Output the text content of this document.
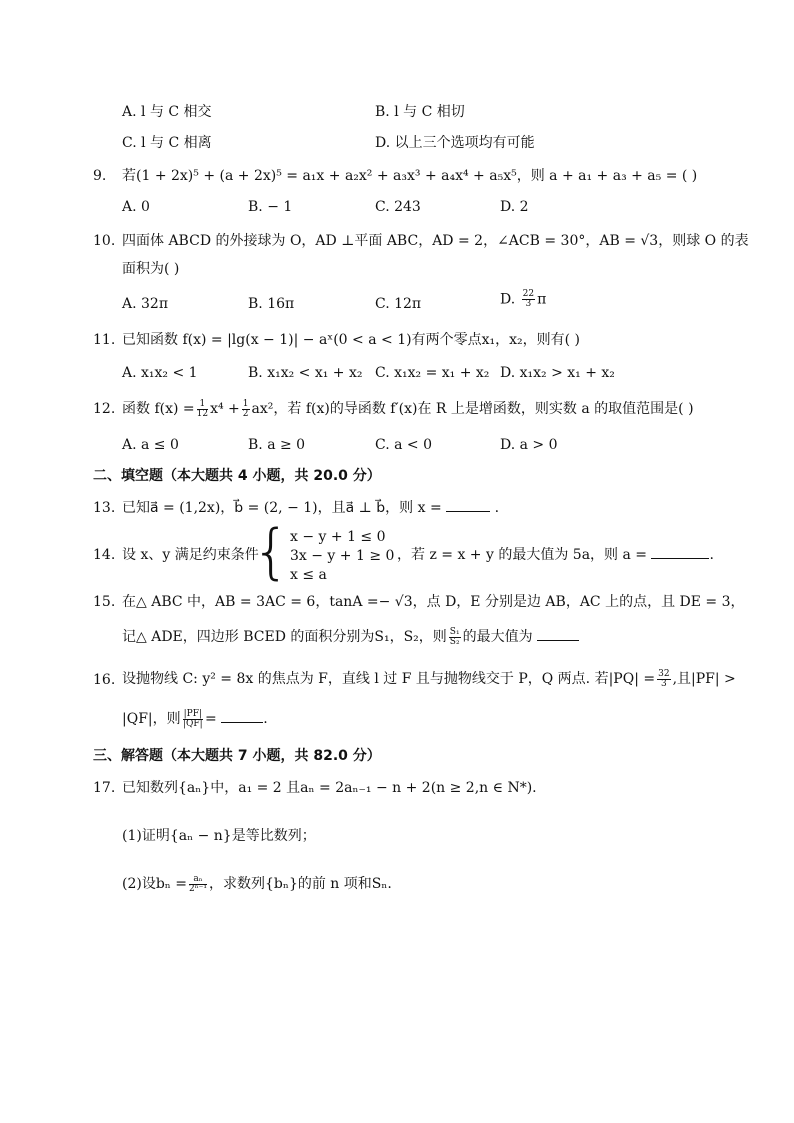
A. l 与 C 相交	B. l 与 C 相切
C. l 与 C 相离	D. 以上三个选项均有可能
9. 若(1 + 2x)⁵ + (a + 2x)⁵ = a₁x + a₂x² + a₃x³ + a₄x⁴ + a₅x⁵，则 a + a₁ + a₃ + a₅ = ( )
A. 0	B. − 1	C. 243	D. 2
10. 四面体 ABCD 的外接球为 O，AD ⊥平面 ABC，AD = 2，∠ACB = 30°，AB = √3，则球 O 的表
面积为( )
A. 32π	B. 16π	C. 12π	D. $\frac{22}{3}$ π
11. 已知函数 f(x) = |lg(x − 1)| − aˣ(0 < a < 1)有两个零点x₁，x₂，则有( )
A. x₁x₂ < 1	B. x₁x₂ < x₁ + x₂ C. x₁x₂ = x₁ + x₂ D. x₁x₂ > x₁ + x₂
12. 函数 $f(x) = \frac{1}{12} x^4 + \frac{1}{2} ax^2$，若 f(x)的导函数 f′(x)在 R 上是增函数，则实数 a 的取值范围是( )
A. a ≤ 0	B. a ≥ 0	C. a < 0	D. a > 0
二、填空题（本大题共 4 小题，共 20.0 分）
13. 已知a⃗ = (1,2x)，b⃗ = (2, − 1)，且a⃗ ⊥ b⃗，则 x =	.
14. 设 x、y 满足约束条件
{ x − y + 1 ≤ 0
3x − y + 1 ≥ 0
x ≤ a
，若 z = x + y 的最大值为 5a，则 a =	.
15. 在△ ABC 中，AB = 3AC = 6，tanA =− √3，点 D，E 分别是边 AB，AC 上的点，且 DE = 3，
记△ ADE，四边形 BCED 的面积分别为S₁，S₂，则 $\frac{\text{S₁}}{\text{S₂}}$ 的最大值为
16. 设抛物线 C: y² = 8x 的焦点为 F，直线 l 过 F 且与抛物线交于 P，Q 两点. 若$|PQ| = \frac{32}{3}$ ,且|PF| >
|QF|，则 $\frac{|PF|}{|QF|}$ =	.
三、解答题（本大题共 7 小题，共 82.0 分）
17. 已知数列{aₙ}中，a₁ = 2 且aₙ = 2aₙ₋₁ − n + 2(n ≥ 2,n ∈ N*).
(1)证明{aₙ − n}是等比数列；
(2)设$b_n = \frac{\text{aₙ}}{\text{2ⁿ⁻¹}}$ ，求数列{bₙ}的前 n 项和Sₙ.
